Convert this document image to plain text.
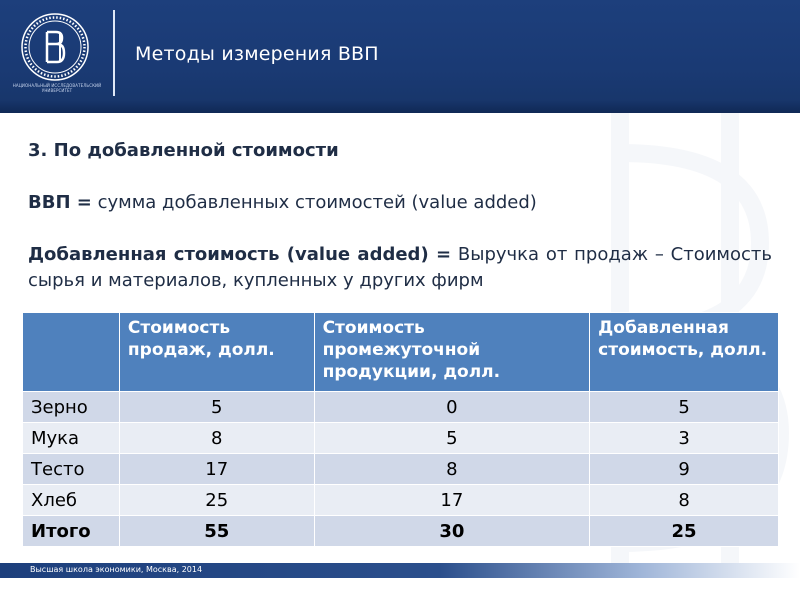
НАЦИОНАЛЬНЫЙ ИССЛЕДОВАТЕЛЬСКИЙ УНИВЕРСИТЕТ
Методы измерения ВВП

3. По добавленной стоимости

ВВП = сумма добавленных стоимостей (value added)

Добавленная стоимость (value added) = Выручка от продаж – Стоимость сырья и материалов, купленных у других фирм

	Стоимость продаж, долл.	Стоимость промежуточной продукции, долл.	Добавленная стоимость, долл.
Зерно	5	0	5
Мука	8	5	3
Тесто	17	8	9
Хлеб	25	17	8
Итого	55	30	25
Высшая школа экономики, Москва, 2014
